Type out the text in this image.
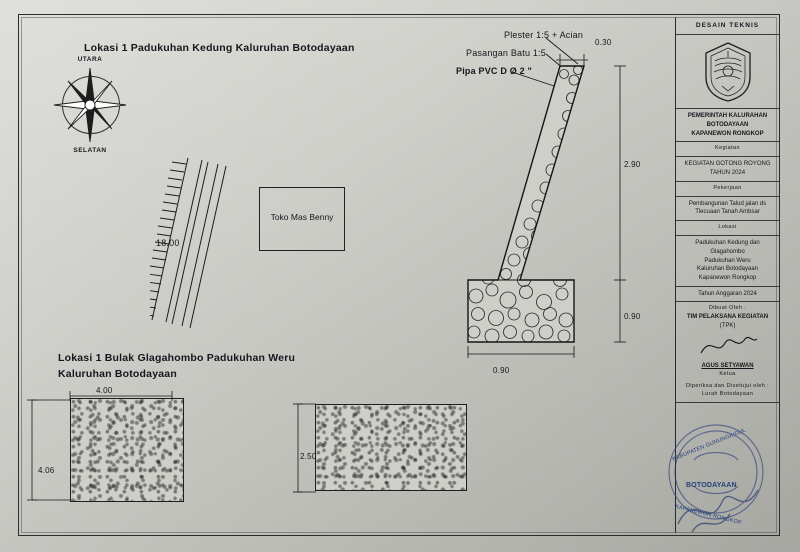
Lokasi 1 Padukuhan Kedung Kaluruhan Botodayaan
UTARA
SELATAN
18.00
Toko Mas Benny
Plester 1:5 + Acian
Pasangan Batu 1:5
Pipa PVC D Ø 2 "
0.30
2.90
0.90
0.90
Lokasi 1 Bulak Glagahombo Padukuhan Weru
Kaluruhan Botodayaan
4.00
4.06
2.50
DESAIN TEKNIS
PEMERINTAH KALURAHAN
BOTODAYAAN
KAPANEWON RONGKOP
Kegiatan
KEGIATAN GOTONG ROYONG
TAHUN 2024
Pekerjaan
Pembangunan Talud jalan ds
Tlecuaan Tanah Ambsar
Lokasi
Padukuhan Kedung dan
Glagahombo
Padukuhan Weru
Kaluruhan Botodayaan
Kapanewon Rongkop
Tahun Anggaran 2024
Dibuat Oleh :
TIM PELAKSANA KEGIATAN
(TPK)
AGUS SETYAWAN
Ketua
Diperiksa dan Disetujui oleh :
Lurah Botodayaan
KABUPATEN GUNUNGKIDUL
BOTODAYAAN
KAPANEWON RONGKOP
